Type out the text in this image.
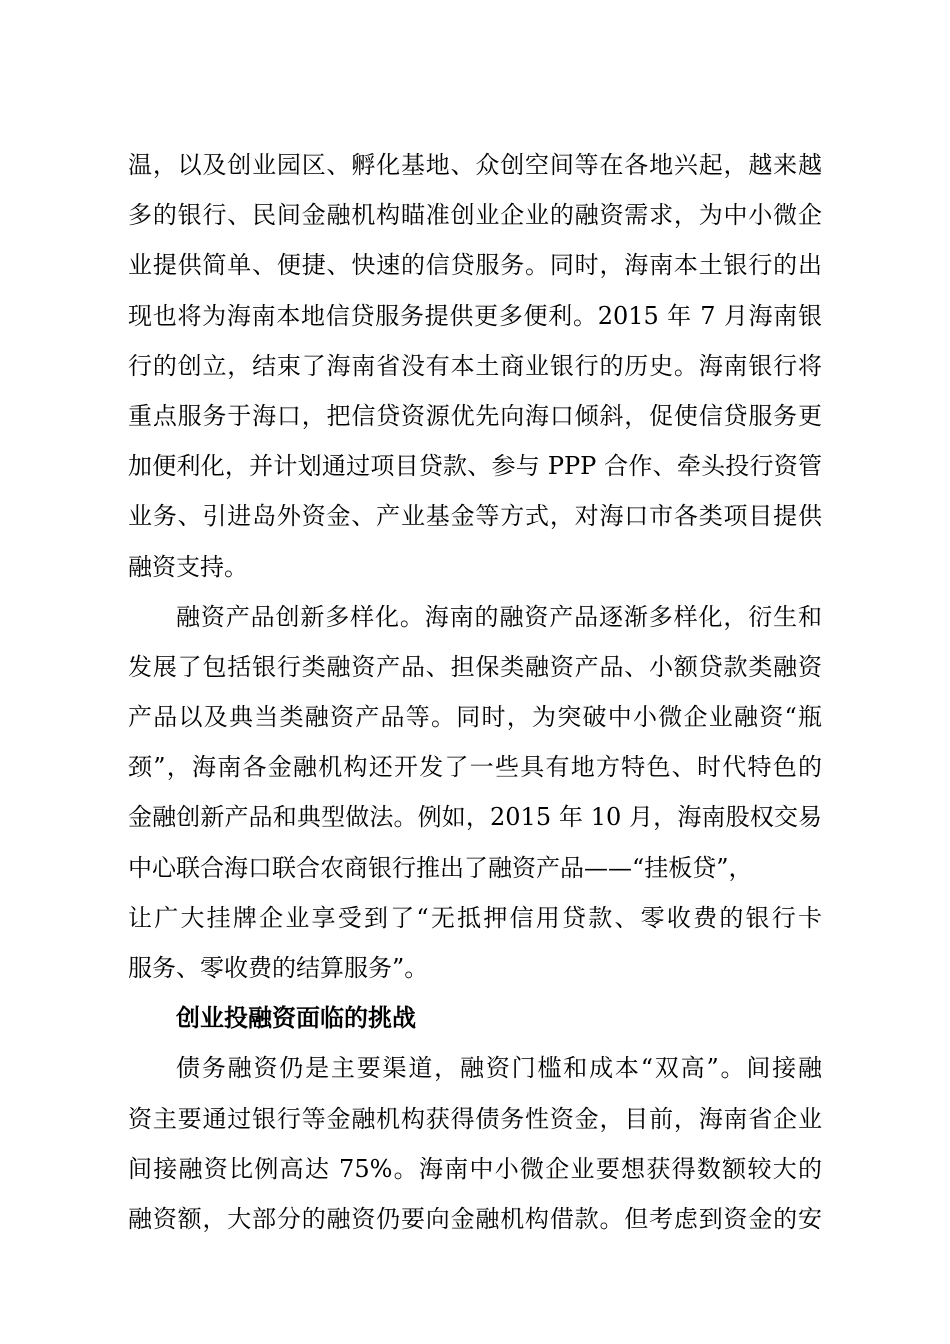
温，以及创业园区、孵化基地、众创空间等在各地兴起，越来越
多的银行、民间金融机构瞄准创业企业的融资需求，为中小微企
业提供简单、便捷、快速的信贷服务。同时，海南本土银行的出
现也将为海南本地信贷服务提供更多便利。2015 年 7 月海南银
行的创立，结束了海南省没有本土商业银行的历史。海南银行将
重点服务于海口，把信贷资源优先向海口倾斜，促使信贷服务更
加便利化，并计划通过项目贷款、参与 PPP 合作、牵头投行资管
业务、引进岛外资金、产业基金等方式，对海口市各类项目提供
融资支持。
融资产品创新多样化。海南的融资产品逐渐多样化，衍生和
发展了包括银行类融资产品、担保类融资产品、小额贷款类融资
产品以及典当类融资产品等。同时，为突破中小微企业融资“瓶
颈”，海南各金融机构还开发了一些具有地方特色、时代特色的
金融创新产品和典型做法。例如，2015 年 10 月，海南股权交易
中心联合海口联合农商银行推出了融资产品——“挂板贷”，
让广大挂牌企业享受到了“无抵押信用贷款、零收费的银行卡
服务、零收费的结算服务”。
创业投融资面临的挑战
债务融资仍是主要渠道，融资门槛和成本“双高”。间接融
资主要通过银行等金融机构获得债务性资金，目前，海南省企业
间接融资比例高达 75%。海南中小微企业要想获得数额较大的
融资额，大部分的融资仍要向金融机构借款。但考虑到资金的安
